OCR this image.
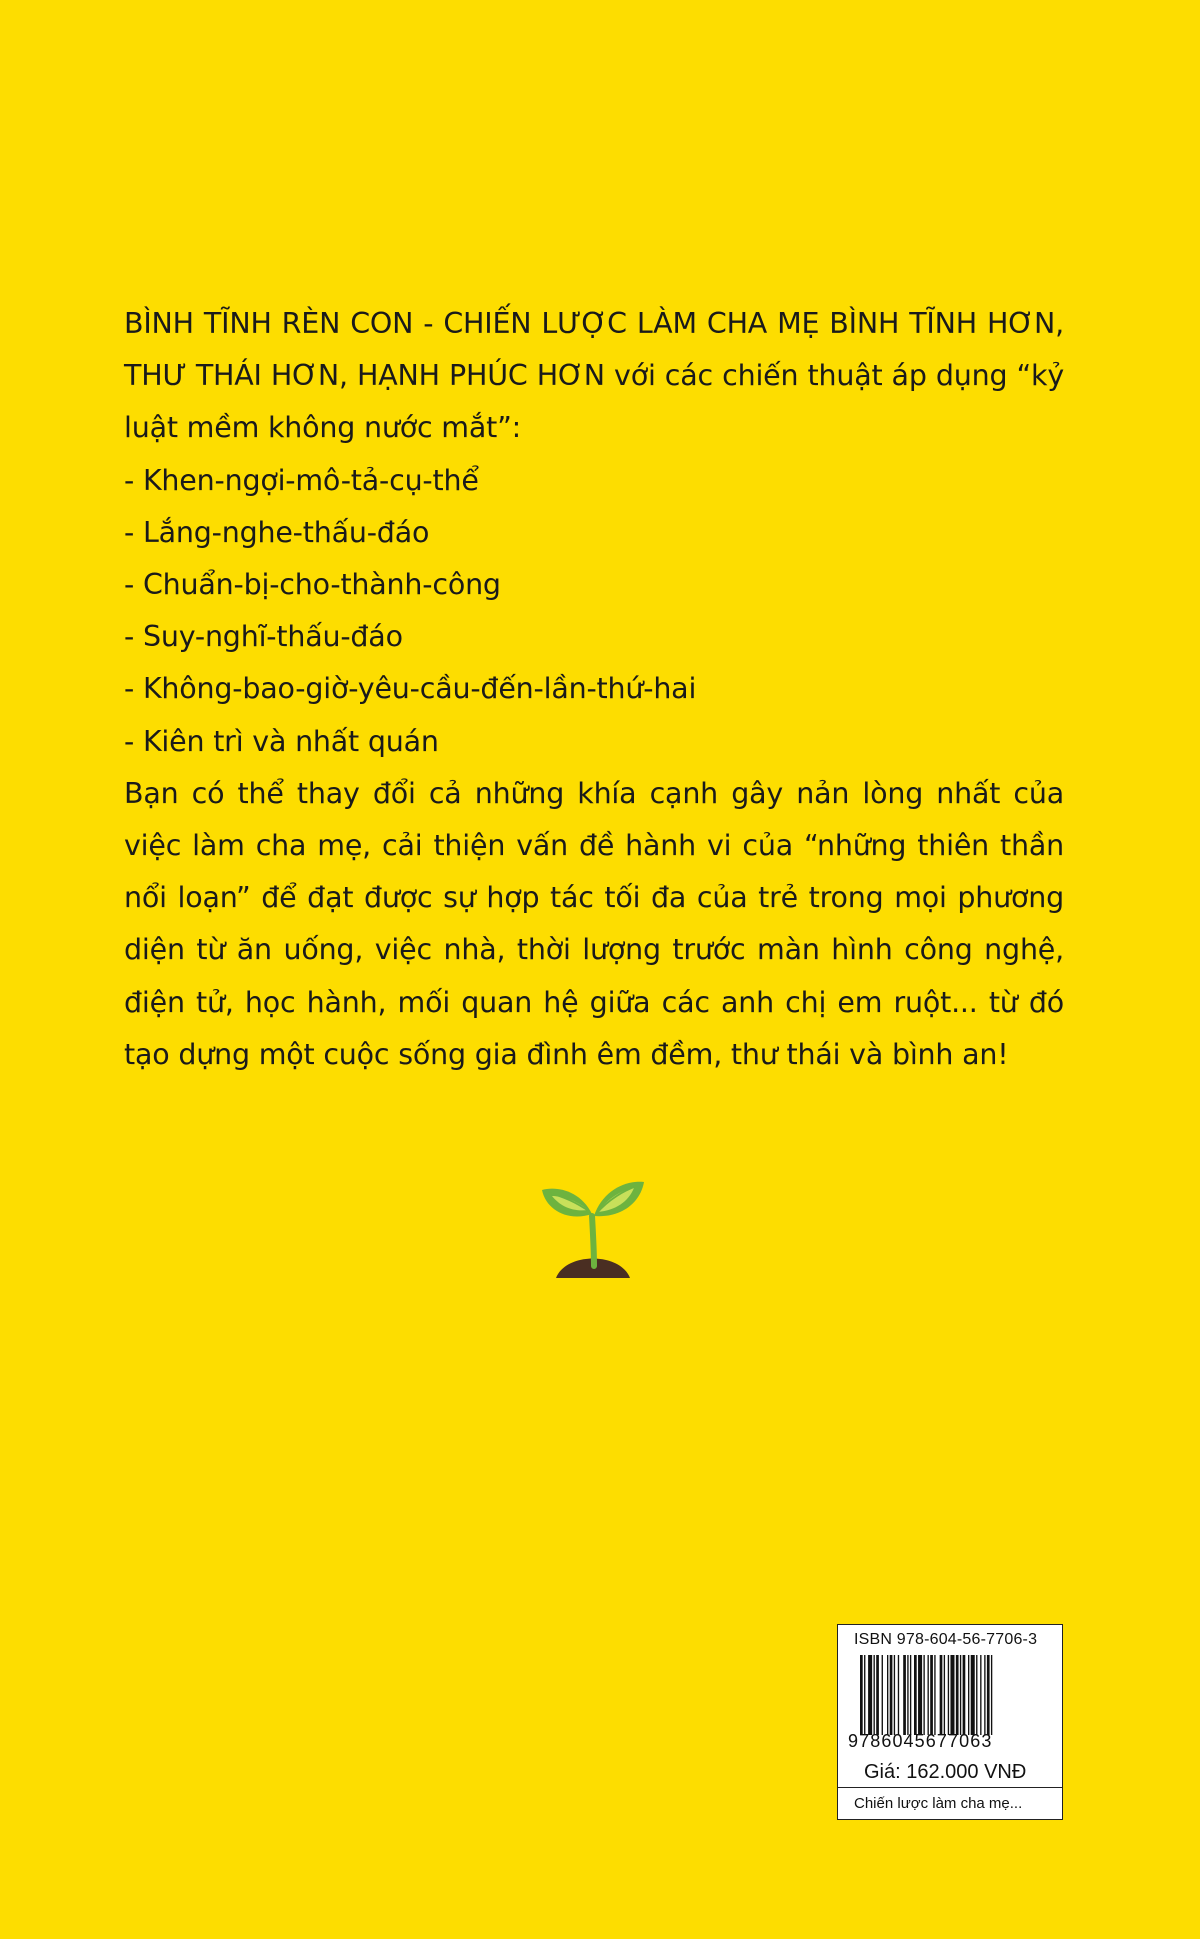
BÌNH TĨNH RÈN CON - CHIẾN LƯỢC LÀM CHA MẸ BÌNH TĨNH HƠN, THƯ THÁI HƠN, HẠNH PHÚC HƠN với các chiến thuật áp dụng “kỷ luật mềm không nước mắt”:

- Khen-ngợi-mô-tả-cụ-thể
- Lắng-nghe-thấu-đáo
- Chuẩn-bị-cho-thành-công
- Suy-nghĩ-thấu-đáo
- Không-bao-giờ-yêu-cầu-đến-lần-thứ-hai
- Kiên trì và nhất quán

Bạn có thể thay đổi cả những khía cạnh gây nản lòng nhất của việc làm cha mẹ, cải thiện vấn đề hành vi của “những thiên thần nổi loạn” để đạt được sự hợp tác tối đa của trẻ trong mọi phương diện từ ăn uống, việc nhà, thời lượng trước màn hình công nghệ, điện tử, học hành, mối quan hệ giữa các anh chị em ruột... từ đó tạo dựng một cuộc sống gia đình êm đềm, thư thái và bình an!

ISBN 978-604-56-7706-3
9786045677063
Giá: 162.000 VNĐ
Chiến lược làm cha mẹ...
